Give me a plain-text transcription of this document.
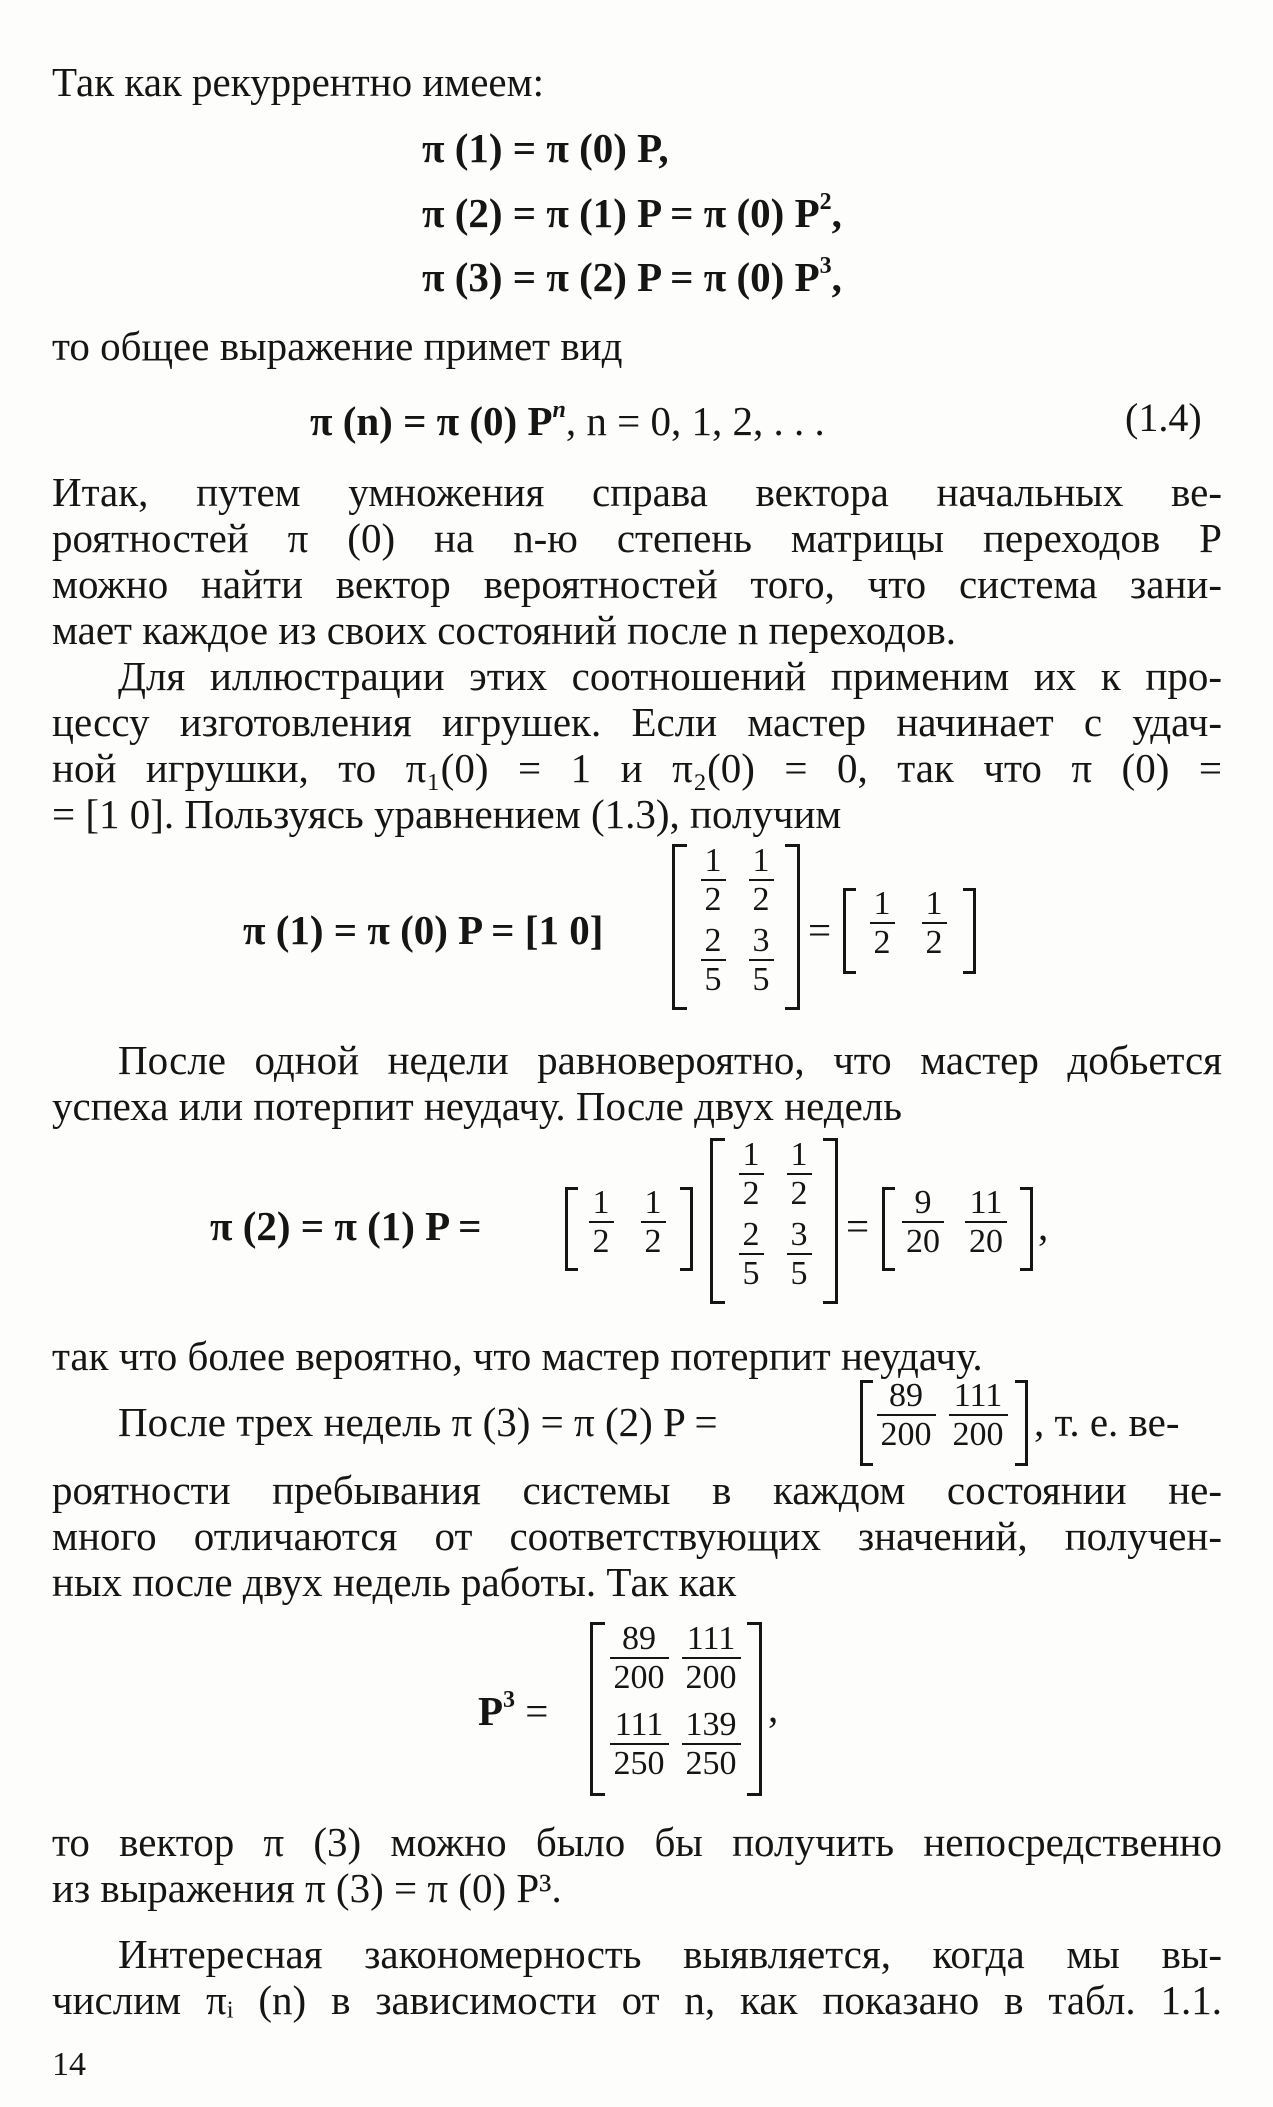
Так как рекуррентно имеем:
π (1) = π (0) P,
π (2) = π (1) P = π (0) $P^2$,
π (3) = π (2) P = π (0) $P^3$,
то общее выражение примет вид
π (n) = π (0) $P^n$, n = 0, 1, 2, . . .	(1.4)
Итак, путем умножения справа вектора начальных ве-
роятностей π (0) на n-ю степень матрицы переходов P
можно найти вектор вероятностей того, что система зани-
мает каждое из своих состояний после n переходов.
Для иллюстрации этих соотношений применим их к про-
цессу изготовления игрушек. Если мастер начинает с удач-
ной игрушки, то π₁(0) = 1 и π₂(0) = 0, так что π (0) =
= [1 0]. Пользуясь уравнением (1.3), получим
π (1) = π (0) P = [1 0]
$\frac{1}{2} \frac{1}{2}$
$\frac{2}{5} \frac{3}{5} = \frac{1}{2} \frac{1}{2}$
После одной недели равновероятно, что мастер добьется
успеха или потерпит неудачу. После двух недель
π (2) = π (1) P =	$\frac{1}{2} \frac{1}{2}$
$\frac{1}{2} \frac{1}{2}$
$\frac{2}{5} \frac{3}{5} = \frac{9}{20} \frac{11}{20}$ ,
так что более вероятно, что мастер потерпит неудачу.
После трех недель π (3) = π (2) P =	$\frac{89}{200} \frac{111}{200}$ , т. е. ве-
роятности пребывания системы в каждом состоянии не-
много отличаются от соответствующих значений, получен-
ных после двух недель работы. Так как
$P^3$ =
$\frac{89}{200} \frac{111}{200}$
$\frac{111}{250} \frac{139}{250}$ ,
то вектор π (3) можно было бы получить непосредственно
из выражения π (3) = π (0) P³.
Интересная закономерность выявляется, когда мы вы-
числим πᵢ (n) в зависимости от n, как показано в табл. 1.1.
14
